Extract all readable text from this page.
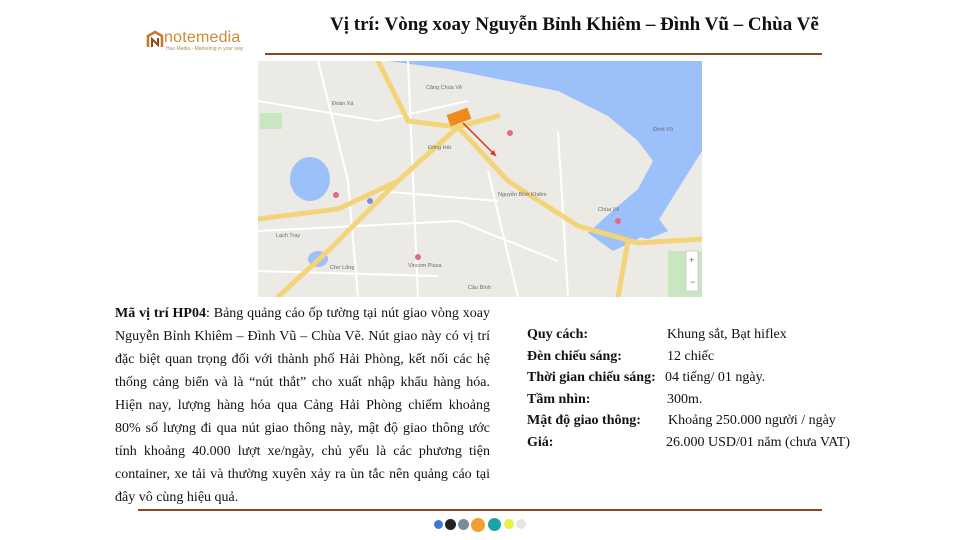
notemedia
Hue Media - Marketing in your way
Vị trí: Vòng xoay Nguyễn Bỉnh Khiêm – Đình Vũ – Chùa Vẽ
Đình Vũ
Chùa Vẽ
Nguyễn Bỉnh Khiêm
Đoàn Xá
Cảng Chùa Vẽ
Đông Hải
Lạch Tray
Chợ Lũng	Vincom Plaza
Cầu Bính
+
−
Mã vị trí HP04: Bảng quảng cáo ốp tường tại nút giao vòng xoay Nguyễn Bỉnh Khiêm – Đình Vũ – Chùa Vẽ. Nút giao này có vị trí đặc biệt quan trọng đối với thành phố Hải Phòng, kết nối các hệ thống cảng biển và là “nút thắt” cho xuất nhập khẩu hàng hóa. Hiện nay, lượng hàng hóa qua Cảng Hải Phòng chiếm khoảng 80% số lượng đi qua nút giao thông này, mật độ giao thông ước tính khoảng 40.000 lượt xe/ngày, chủ yếu là các phương tiện container, xe tải và thường xuyên xảy ra ùn tắc nên quảng cáo tại đây vô cùng hiệu quả.
Quy cách:	Khung sắt, Bạt hiflex
Đèn chiếu sáng:	12 chiếc
Thời gian chiếu sáng: 04 tiếng/ 01 ngày.
Tầm nhìn:	300m.
Mật độ giao thông: Khoảng 250.000 người / ngày
Giá:	26.000 USD/01 năm (chưa VAT)
